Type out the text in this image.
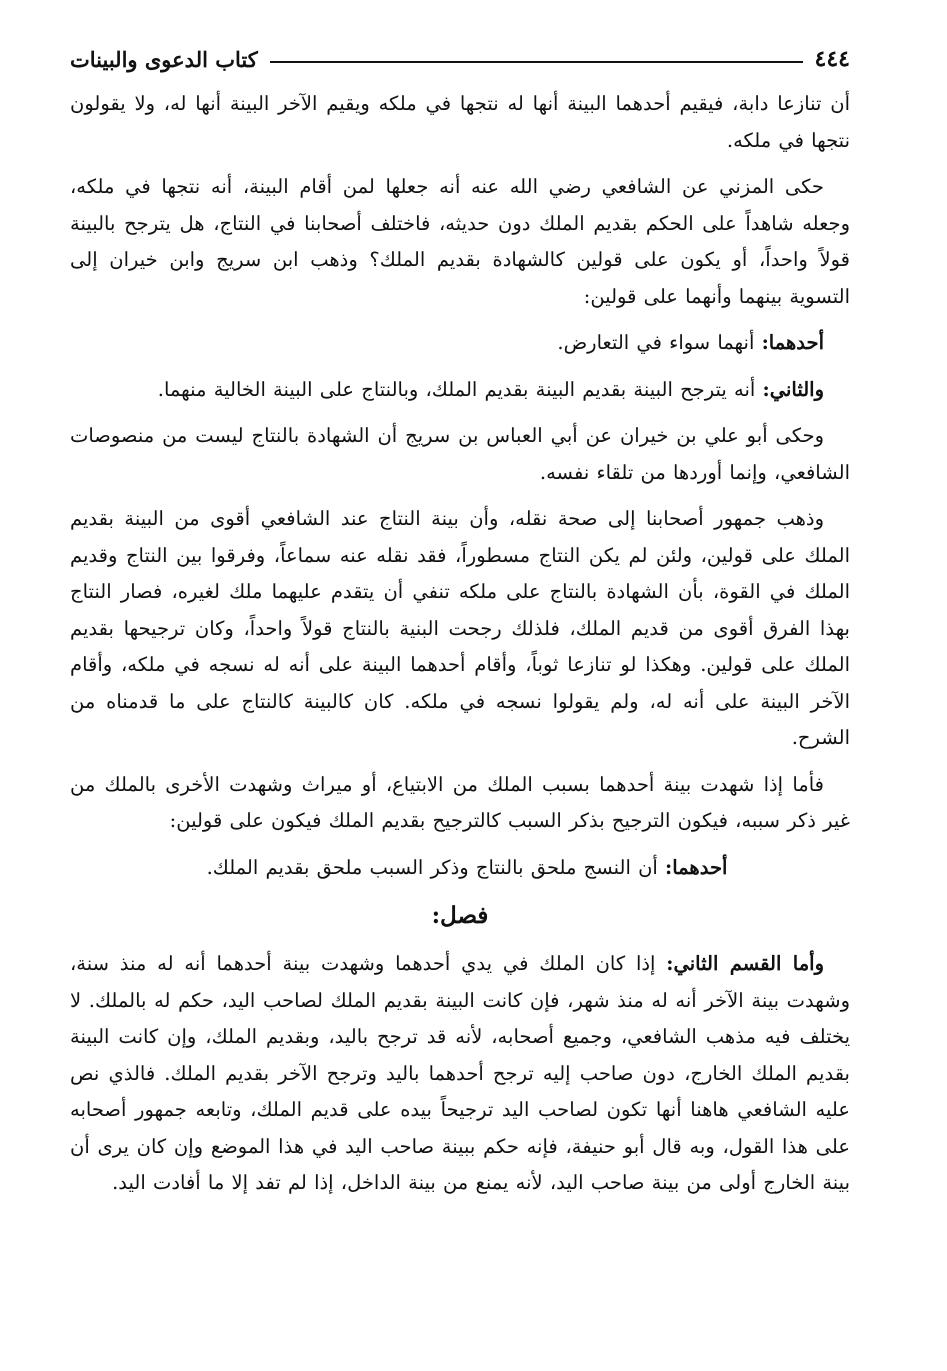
٤٤٤
كتاب الدعوى والبينات

أن تنازعا دابة، فيقيم أحدهما البينة أنها له نتجها في ملكه ويقيم الآخر البينة أنها له، ولا يقولون نتجها في ملكه.

حكى المزني عن الشافعي رضي الله عنه أنه جعلها لمن أقام البينة، أنه نتجها في ملكه، وجعله شاهداً على الحكم بقديم الملك دون حديثه، فاختلف أصحابنا في النتاج، هل يترجح بالبينة قولاً واحداً، أو يكون على قولين كالشهادة بقديم الملك؟ وذهب ابن سريج وابن خيران إلى التسوية بينهما وأنهما على قولين:

أحدهما: أنهما سواء في التعارض.

والثاني: أنه يترجح البينة بقديم البينة بقديم الملك، وبالنتاج على البينة الخالية منهما.

وحكى أبو علي بن خيران عن أبي العباس بن سريج أن الشهادة بالنتاج ليست من منصوصات الشافعي، وإنما أوردها من تلقاء نفسه.

وذهب جمهور أصحابنا إلى صحة نقله، وأن بينة النتاج عند الشافعي أقوى من البينة بقديم الملك على قولين، ولئن لم يكن النتاج مسطوراً، فقد نقله عنه سماعاً، وفرقوا بين النتاج وقديم الملك في القوة، بأن الشهادة بالنتاج على ملكه تنفي أن يتقدم عليهما ملك لغيره، فصار النتاج بهذا الفرق أقوى من قديم الملك، فلذلك رجحت البنية بالنتاج قولاً واحداً، وكان ترجيحها بقديم الملك على قولين. وهكذا لو تنازعا ثوباً، وأقام أحدهما البينة على أنه له نسجه في ملكه، وأقام الآخر البينة على أنه له، ولم يقولوا نسجه في ملكه. كان كالبينة كالنتاج على ما قدمناه من الشرح.

فأما إذا شهدت بينة أحدهما بسبب الملك من الابتياع، أو ميراث وشهدت الأخرى بالملك من غير ذكر سببه، فيكون الترجيح بذكر السبب كالترجيح بقديم الملك فيكون على قولين:

أحدهما: أن النسج ملحق بالنتاج وذكر السبب ملحق بقديم الملك.

فصل:

وأما القسم الثاني: إذا كان الملك في يدي أحدهما وشهدت بينة أحدهما أنه له منذ سنة، وشهدت بينة الآخر أنه له منذ شهر، فإن كانت البينة بقديم الملك لصاحب اليد، حكم له بالملك. لا يختلف فيه مذهب الشافعي، وجميع أصحابه، لأنه قد ترجح باليد، وبقديم الملك، وإن كانت البينة بقديم الملك الخارج، دون صاحب إليه ترجح أحدهما باليد وترجح الآخر بقديم الملك. فالذي نص عليه الشافعي هاهنا أنها تكون لصاحب اليد ترجيحاً بيده على قديم الملك، وتابعه جمهور أصحابه على هذا القول، وبه قال أبو حنيفة، فإنه حكم ببينة صاحب اليد في هذا الموضع وإن كان يرى أن بينة الخارج أولى من بينة صاحب اليد، لأنه يمنع من بينة الداخل، إذا لم تفد إلا ما أفادت اليد.
